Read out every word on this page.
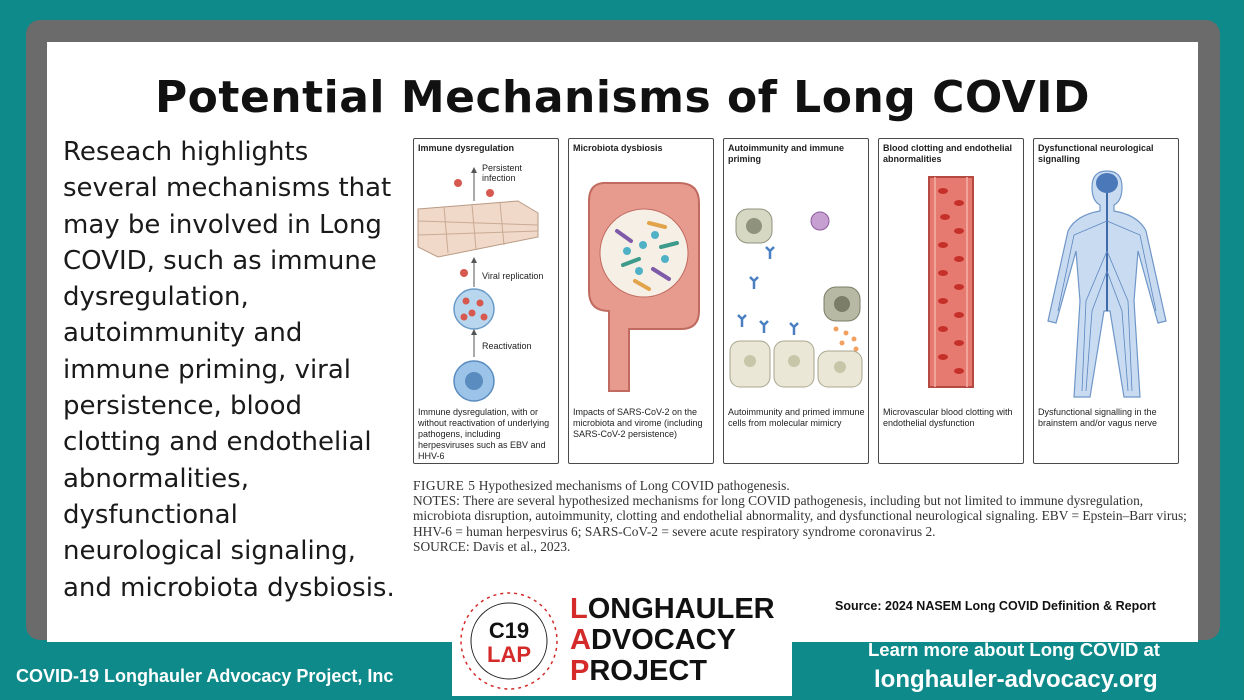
Potential Mechanisms of Long COVID

Reseach highlights several mechanisms that may be involved in Long COVID, such as immune dysregulation, autoimmunity and immune priming, viral persistence, blood clotting and endothelial abnormalities, dysfunctional neurological signaling, and microbiota dysbiosis.

Immune dysregulation
Persistent
infection
Viral replication
Reactivation
Immune dysregulation, with or without reactivation of underlying pathogens, including herpesviruses such as EBV and HHV-6
Microbiota dysbiosis
Impacts of SARS-CoV-2 on the microbiota and virome (including SARS-CoV-2 persistence)
Autoimmunity and immune priming
Autoimmunity and primed immune cells from molecular mimicry
Blood clotting and endothelial abnormalities
Microvascular blood clotting with endothelial dysfunction
Dysfunctional neurological signalling
Dysfunctional signalling in the brainstem and/or vagus nerve
FIGURE 5 Hypothesized mechanisms of Long COVID pathogenesis.
NOTES: There are several hypothesized mechanisms for long COVID pathogenesis, including but not limited to immune dysregulation, microbiota disruption, autoimmunity, clotting and endothelial abnormality, and dysfunctional neurological signaling. EBV = Epstein–Barr virus; HHV-6 = human herpesvirus 6; SARS-CoV-2 = severe acute respiratory syndrome coronavirus 2.
SOURCE: Davis et al., 2023.
Source: 2024 NASEM Long COVID Definition & Report
COVID-19 Longhauler Advocacy Project, Inc
Learn more about Long COVID at
longhauler-advocacy.org
C19
LAP
LONGHAULER
ADVOCACY
PROJECT
